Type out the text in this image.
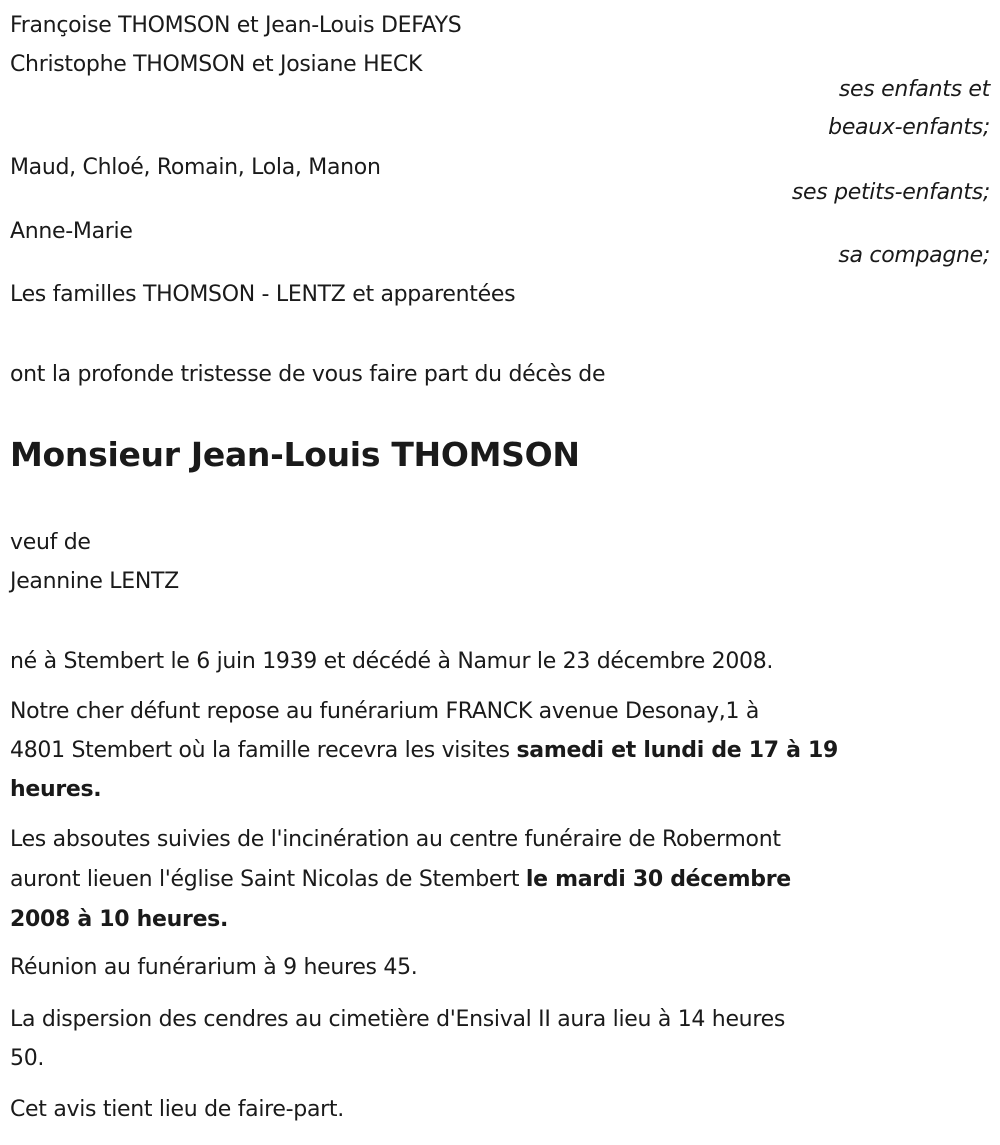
Françoise THOMSON et Jean-Louis DEFAYS
Christophe THOMSON et Josiane HECK
ses enfants et
beaux-enfants;
Maud, Chloé, Romain, Lola, Manon
ses petits-enfants;
Anne-Marie
sa compagne;
Les familles THOMSON - LENTZ et apparentées
ont la profonde tristesse de vous faire part du décès de
Monsieur Jean-Louis THOMSON
veuf de
Jeannine LENTZ
né à Stembert le 6 juin 1939 et décédé à Namur le 23 décembre 2008.
Notre cher défunt repose au funérarium FRANCK avenue Desonay,1 à
4801 Stembert où la famille recevra les visites samedi et lundi de 17 à 19
heures.
Les absoutes suivies de l'incinération au centre funéraire de Robermont
auront lieuen l'église Saint Nicolas de Stembert le mardi 30 décembre
2008 à 10 heures.
Réunion au funérarium à 9 heures 45.
La dispersion des cendres au cimetière d'Ensival II aura lieu à 14 heures
50.
Cet avis tient lieu de faire-part.
